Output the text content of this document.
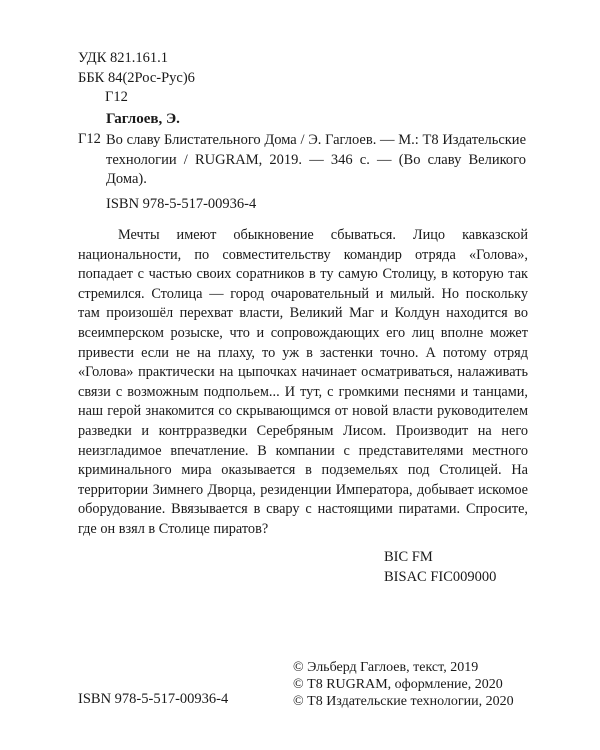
УДК 821.161.1
ББК 84(2Рос-Рус)6
Г12
Гаглоев, Э.
Г12 Во славу Блистательного Дома / Э. Гаглоев. — М.: Т8 Издательские технологии / RUGRAM, 2019. — 346 с. — (Во славу Великого Дома).

ISBN 978-5-517-00936-4

Мечты имеют обыкновение сбываться. Лицо кавказской национальности, по совместительству командир отряда «Голова», попадает с частью своих соратников в ту самую Столицу, в которую так стремился. Столица — город очаровательный и милый. Но поскольку там произошёл перехват власти, Великий Маг и Колдун находится во всеимперском розыске, что и сопровождающих его лиц вполне может привести если не на плаху, то уж в застенки точно. А потому отряд «Голова» практически на цыпочках начинает осматриваться, налаживать связи с возможным подпольем... И тут, с громкими песнями и танцами, наш герой знакомится со скрывающимся от новой власти руководителем разведки и контрразведки Серебряным Лисом. Производит на него неизгладимое впечатление. В компании с представителями местного криминального мира оказывается в подземельях под Столицей. На территории Зимнего Дворца, резиденции Императора, добывает искомое оборудование. Ввязывается в свару с настоящими пиратами. Спросите, где он взял в Столице пиратов?

BIC FM
BISAC FIC009000
ISBN 978-5-517-00936-4
© Эльберд Гаглоев, текст, 2019
© Т8 RUGRAM, оформление, 2020
© Т8 Издательские технологии, 2020
